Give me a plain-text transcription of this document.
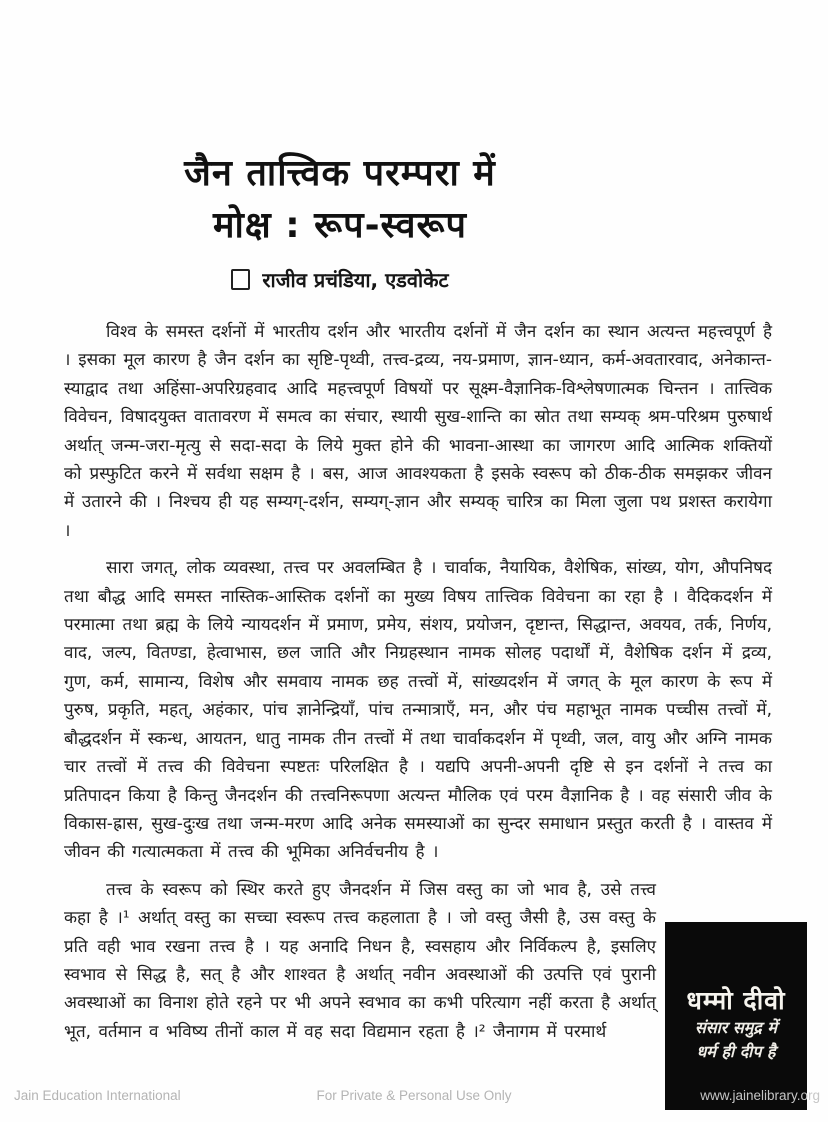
जैन तात्त्विक परम्परा में
मोक्ष : रूप-स्वरूप
राजीव प्रचंडिया, एडवोकेट

विश्व के समस्त दर्शनों में भारतीय दर्शन और भारतीय दर्शनों में जैन दर्शन का स्थान अत्यन्त महत्त्वपूर्ण है । इसका मूल कारण है जैन दर्शन का सृष्टि-पृथ्वी, तत्त्व-द्रव्य, नय-प्रमाण, ज्ञान-ध्यान, कर्म-अवतारवाद, अनेकान्त-स्याद्वाद तथा अहिंसा-अपरिग्रहवाद आदि महत्त्वपूर्ण विषयों पर सूक्ष्म-वैज्ञानिक-विश्लेषणात्मक चिन्तन । तात्त्विक विवेचन, विषादयुक्त वातावरण में समत्व का संचार, स्थायी सुख-शान्ति का स्रोत तथा सम्यक् श्रम-परिश्रम पुरुषार्थ अर्थात् जन्म-जरा-मृत्यु से सदा-सदा के लिये मुक्त होने की भावना-आस्था का जागरण आदि आत्मिक शक्तियों को प्रस्फुटित करने में सर्वथा सक्षम है । बस, आज आवश्यकता है इसके स्वरूप को ठीक-ठीक समझकर जीवन में उतारने की । निश्चय ही यह सम्यग्-दर्शन, सम्यग्-ज्ञान और सम्यक् चारित्र का मिला जुला पथ प्रशस्त करायेगा ।

सारा जगत्, लोक व्यवस्था, तत्त्व पर अवलम्बित है । चार्वाक, नैयायिक, वैशेषिक, सांख्य, योग, औपनिषद तथा बौद्ध आदि समस्त नास्तिक-आस्तिक दर्शनों का मुख्य विषय तात्त्विक विवेचना का रहा है । वैदिकदर्शन में परमात्मा तथा ब्रह्म के लिये न्यायदर्शन में प्रमाण, प्रमेय, संशय, प्रयोजन, दृष्टान्त, सिद्धान्त, अवयव, तर्क, निर्णय, वाद, जल्प, वितण्डा, हेत्वाभास, छल जाति और निग्रहस्थान नामक सोलह पदार्थों में, वैशेषिक दर्शन में द्रव्य, गुण, कर्म, सामान्य, विशेष और समवाय नामक छह तत्त्वों में, सांख्यदर्शन में जगत् के मूल कारण के रूप में पुरुष, प्रकृति, महत्, अहंकार, पांच ज्ञानेन्द्रियाँ, पांच तन्मात्राएँ, मन, और पंच महाभूत नामक पच्चीस तत्त्वों में, बौद्धदर्शन में स्कन्ध, आयतन, धातु नामक तीन तत्त्वों में तथा चार्वाकदर्शन में पृथ्वी, जल, वायु और अग्नि नामक चार तत्त्वों में तत्त्व की विवेचना स्पष्टतः परिलक्षित है । यद्यपि अपनी-अपनी दृष्टि से इन दर्शनों ने तत्त्व का प्रतिपादन किया है किन्तु जैनदर्शन की तत्त्वनिरूपणा अत्यन्त मौलिक एवं परम वैज्ञानिक है । वह संसारी जीव के विकास-ह्रास, सुख-दुःख तथा जन्म-मरण आदि अनेक समस्याओं का सुन्दर समाधान प्रस्तुत करती है । वास्तव में जीवन की गत्यात्मकता में तत्त्व की भूमिका अनिर्वचनीय है ।

तत्त्व के स्वरूप को स्थिर करते हुए जैनदर्शन में जिस वस्तु का जो भाव है, उसे तत्त्व कहा है ।¹ अर्थात् वस्तु का सच्चा स्वरूप तत्त्व कहलाता है । जो वस्तु जैसी है, उस वस्तु के प्रति वही भाव रखना तत्त्व है । यह अनादि निधन है, स्वसहाय और निर्विकल्प है, इसलिए स्वभाव से सिद्ध है, सत् है और शाश्वत है अर्थात् नवीन अवस्थाओं की उत्पत्ति एवं पुरानी अवस्थाओं का विनाश होते रहने पर भी अपने स्वभाव का कभी परित्याग नहीं करता है अर्थात् भूत, वर्तमान व भविष्य तीनों काल में वह सदा विद्यमान रहता है ।² जैनागम में परमार्थ

धम्मो दीवो
संसार समुद्र में
धर्म ही दीप है
Jain Education International	For Private & Personal Use Only	www.jainelibrary.org
